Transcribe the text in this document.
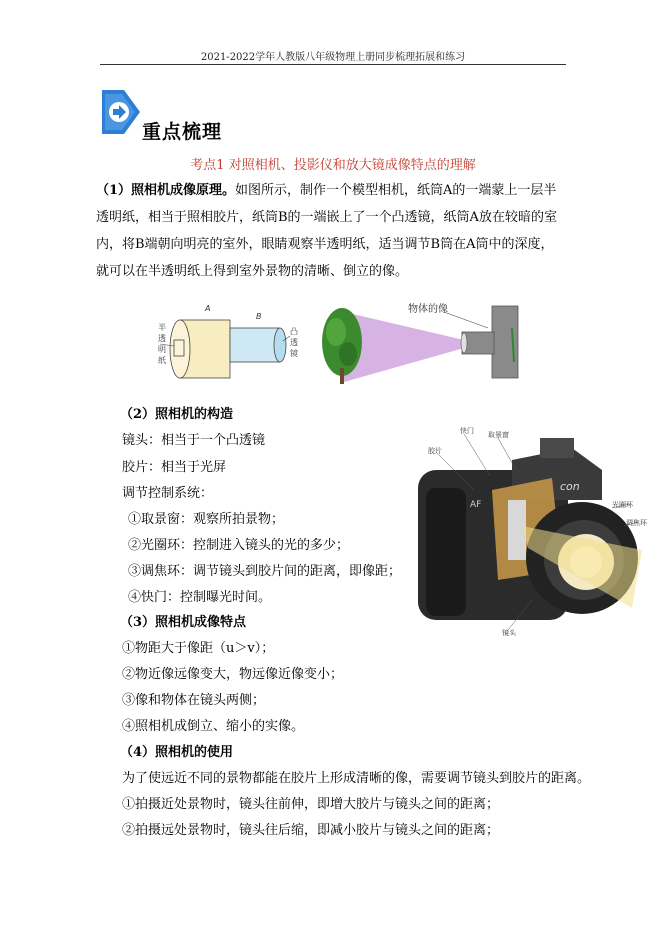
2021-2022学年人教版八年级物理上册同步梳理拓展和练习
重点梳理
考点1 对照相机、投影仪和放大镜成像特点的理解
（1）照相机成像原理。如图所示，制作一个模型相机，纸筒A的一端蒙上一层半透明纸，相当于照相胶片，纸筒B的一端嵌上了一个凸透镜，纸筒A放在较暗的室内，将B端朝向明亮的室外，眼睛观察半透明纸，适当调节B筒在A筒中的深度，就可以在半透明纸上得到室外景物的清晰、倒立的像。
半透明纸
A
B
凸透镜
物体的像
（2）照相机的构造
镜头：相当于一个凸透镜
胶片：相当于光屏
调节控制系统：
①取景窗：观察所拍景物；
②光圈环：控制进入镜头的光的多少；
③调焦环：调节镜头到胶片间的距离，即像距；
④快门：控制曝光时间。
快门 取景窗
胶片
光圈环
调焦环
镜头
con
AF
（3）照相机成像特点
①物距大于像距（u＞v）；
②物近像远像变大，物远像近像变小；
③像和物体在镜头两侧；
④照相机成倒立、缩小的实像。
（4）照相机的使用
为了使远近不同的景物都能在胶片上形成清晰的像，需要调节镜头到胶片的距离。
①拍摄近处景物时，镜头往前伸，即增大胶片与镜头之间的距离；
②拍摄远处景物时，镜头往后缩，即减小胶片与镜头之间的距离；
